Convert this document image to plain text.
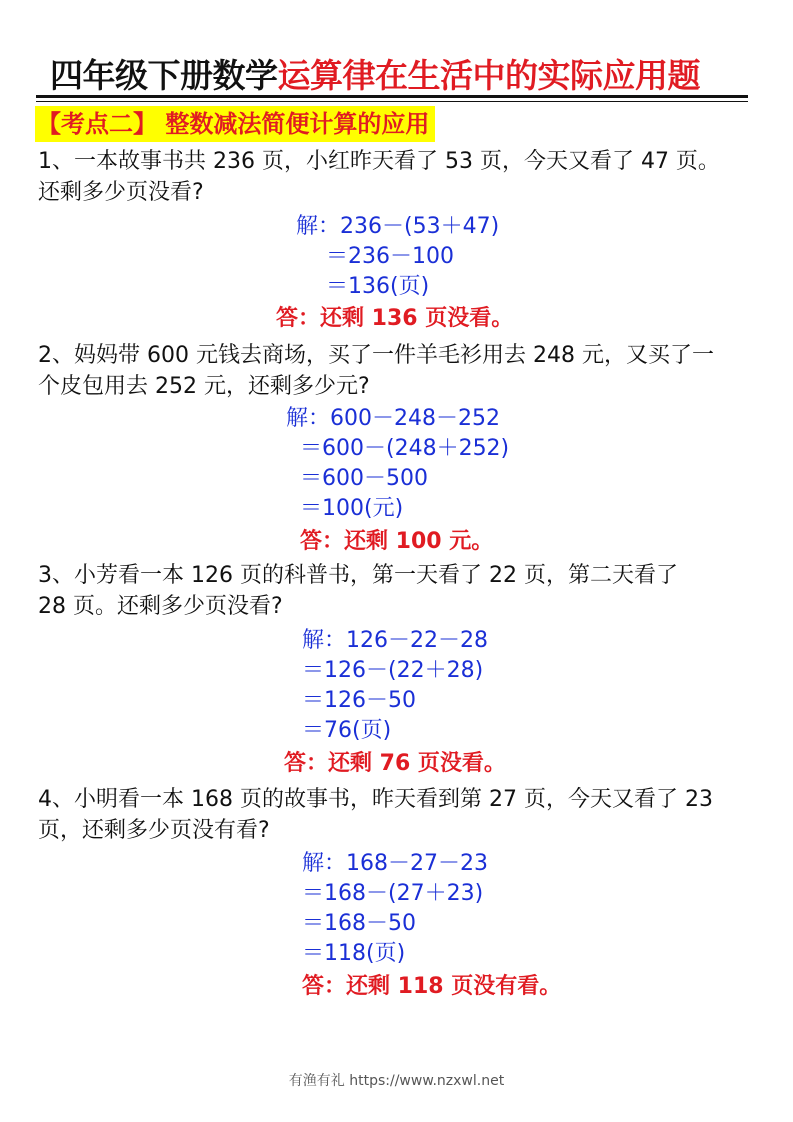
四年级下册数学运算律在生活中的实际应用题
【考点二】 整数减法简便计算的应用
1、一本故事书共 236 页，小红昨天看了 53 页，今天又看了 47 页。
还剩多少页没看?
解：236－(53＋47)
＝236－100
＝136(页)
答：还剩 136 页没看。
2、妈妈带 600 元钱去商场，买了一件羊毛衫用去 248 元，又买了一
个皮包用去 252 元，还剩多少元?
解：600－248－252
＝600－(248＋252)
＝600－500
＝100(元)
答：还剩 100 元。
3、小芳看一本 126 页的科普书，第一天看了 22 页，第二天看了
28 页。还剩多少页没看?
解：126－22－28
＝126－(22＋28)
＝126－50
＝76(页)
答：还剩 76 页没看。
4、小明看一本 168 页的故事书，昨天看到第 27 页，今天又看了 23
页，还剩多少页没有看?
解：168－27－23
＝168－(27＋23)
＝168－50
＝118(页)
答：还剩 118 页没有看。
有渔有礼 https://www.nzxwl.net
